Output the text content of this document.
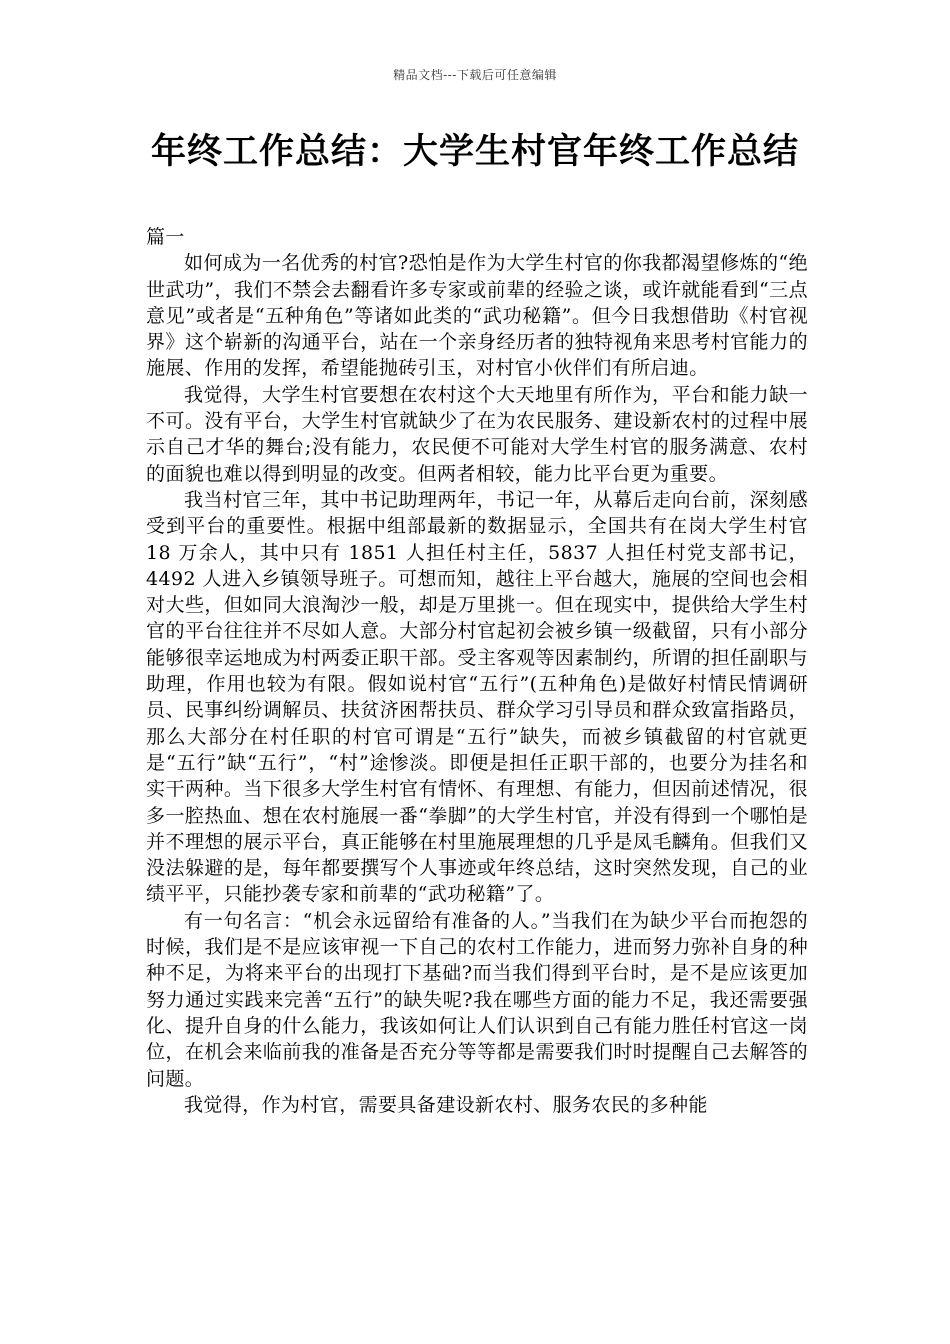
精品文档---下载后可任意编辑
年终工作总结：大学生村官年终工作总结

篇一

如何成为一名优秀的村官?恐怕是作为大学生村官的你我都渴望修炼的“绝世武功”，我们不禁会去翻看许多专家或前辈的经验之谈，或许就能看到“三点意见”或者是“五种角色”等诸如此类的“武功秘籍”。但今日我想借助《村官视界》这个崭新的沟通平台，站在一个亲身经历者的独特视角来思考村官能力的施展、作用的发挥，希望能抛砖引玉，对村官小伙伴们有所启迪。

我觉得，大学生村官要想在农村这个大天地里有所作为，平台和能力缺一不可。没有平台，大学生村官就缺少了在为农民服务、建设新农村的过程中展示自己才华的舞台;没有能力，农民便不可能对大学生村官的服务满意、农村的面貌也难以得到明显的改变。但两者相较，能力比平台更为重要。

我当村官三年，其中书记助理两年，书记一年，从幕后走向台前，深刻感受到平台的重要性。根据中组部最新的数据显示，全国共有在岗大学生村官 18 万余人，其中只有 1851 人担任村主任，5837 人担任村党支部书记，4492 人进入乡镇领导班子。可想而知，越往上平台越大，施展的空间也会相对大些，但如同大浪淘沙一般，却是万里挑一。但在现实中，提供给大学生村官的平台往往并不尽如人意。大部分村官起初会被乡镇一级截留，只有小部分能够很幸运地成为村两委正职干部。受主客观等因素制约，所谓的担任副职与助理，作用也较为有限。假如说村官“五行”(五种角色)是做好村情民情调研员、民事纠纷调解员、扶贫济困帮扶员、群众学习引导员和群众致富指路员，那么大部分在村任职的村官可谓是“五行”缺失，而被乡镇截留的村官就更是“五行”缺“五行”，“村”途惨淡。即便是担任正职干部的，也要分为挂名和实干两种。当下很多大学生村官有情怀、有理想、有能力，但因前述情况，很多一腔热血、想在农村施展一番“拳脚”的大学生村官，并没有得到一个哪怕是并不理想的展示平台，真正能够在村里施展理想的几乎是凤毛麟角。但我们又没法躲避的是，每年都要撰写个人事迹或年终总结，这时突然发现，自己的业绩平平，只能抄袭专家和前辈的“武功秘籍”了。

有一句名言：“机会永远留给有准备的人。”当我们在为缺少平台而抱怨的时候，我们是不是应该审视一下自己的农村工作能力，进而努力弥补自身的种种不足，为将来平台的出现打下基础?而当我们得到平台时，是不是应该更加努力通过实践来完善“五行”的缺失呢?我在哪些方面的能力不足，我还需要强化、提升自身的什么能力，我该如何让人们认识到自己有能力胜任村官这一岗位，在机会来临前我的准备是否充分等等都是需要我们时时提醒自己去解答的问题。

我觉得，作为村官，需要具备建设新农村、服务农民的多种能
